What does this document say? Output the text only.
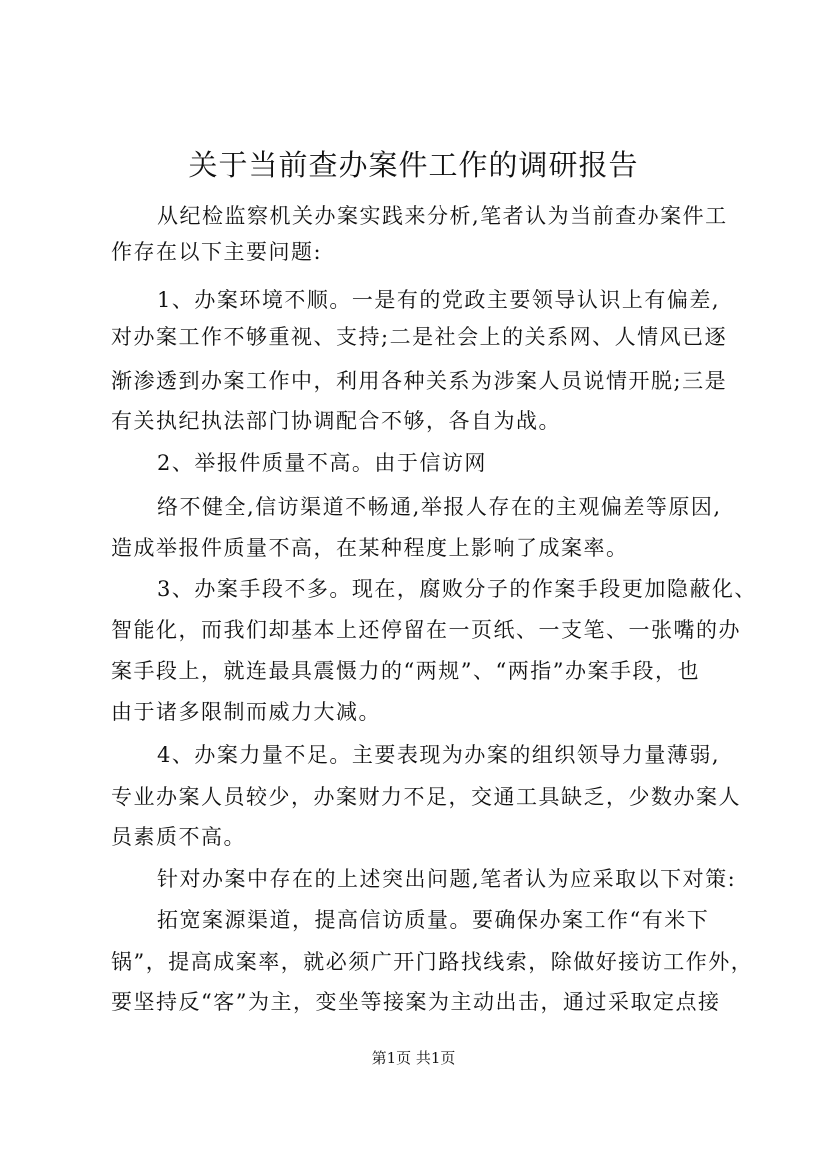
关于当前查办案件工作的调研报告
从纪检监察机关办案实践来分析,笔者认为当前查办案件工
作存在以下主要问题:
1、办案环境不顺。一是有的党政主要领导认识上有偏差,
对办案工作不够重视、支持;二是社会上的关系网、人情风已逐
渐渗透到办案工作中，利用各种关系为涉案人员说情开脱;三是
有关执纪执法部门协调配合不够，各自为战。
2、举报件质量不高。由于信访网
络不健全,信访渠道不畅通,举报人存在的主观偏差等原因,
造成举报件质量不高，在某种程度上影响了成案率。
3、办案手段不多。现在，腐败分子的作案手段更加隐蔽化、
智能化，而我们却基本上还停留在一页纸、一支笔、一张嘴的办
案手段上，就连最具震慑力的“两规”、“两指”办案手段，也
由于诸多限制而威力大减。
4、办案力量不足。主要表现为办案的组织领导力量薄弱,
专业办案人员较少，办案财力不足，交通工具缺乏，少数办案人
员素质不高。
针对办案中存在的上述突出问题,笔者认为应采取以下对策:
拓宽案源渠道，提高信访质量。要确保办案工作“有米下
锅”，提高成案率，就必须广开门路找线索，除做好接访工作外，
要坚持反“客”为主，变坐等接案为主动出击，通过采取定点接
第1页 共1页
